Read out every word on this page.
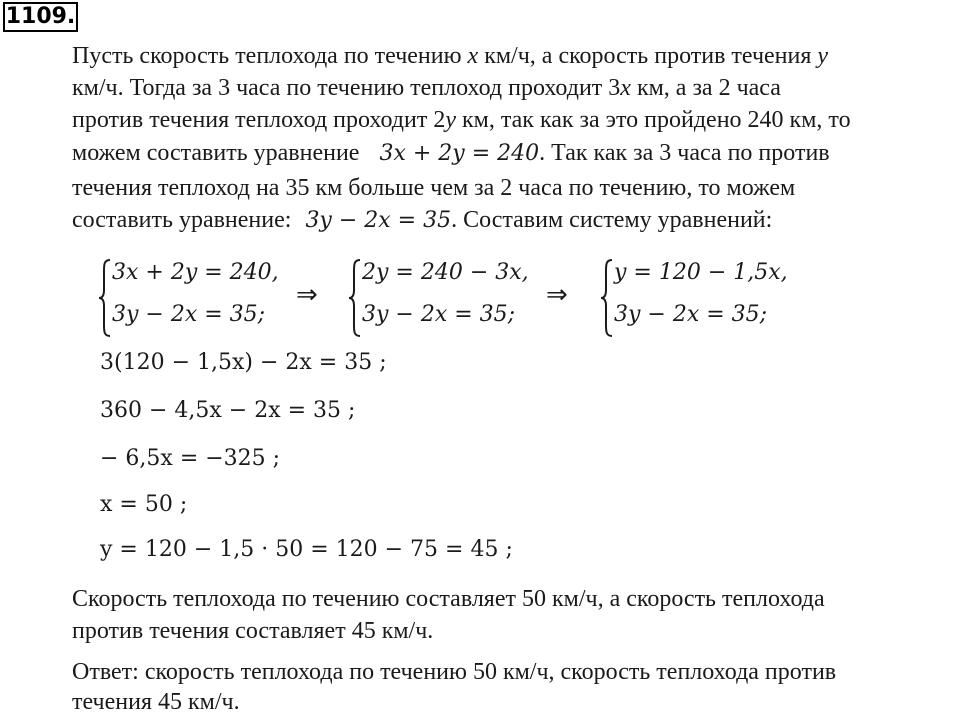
1109.
Пусть скорость теплохода по течению x км/ч, а скорость против течения y
км/ч. Тогда за 3 часа по течению теплоход проходит 3x км, а за 2 часа
против течения теплоход проходит 2y км, так как за это пройдено 240 км, то
можем составить уравнение 3x + 2y = 240. Так как за 3 часа по против
течения теплоход на 35 км больше чем за 2 часа по течению, то можем
составить уравнение: 3y − 2x = 35. Составим систему уравнений:
3x + 2y = 240,
3y − 2x = 35;
⇒
2y = 240 − 3x,
3y − 2x = 35;
⇒
y = 120 − 1,5x,
3y − 2x = 35;
3(120 − 1,5x) − 2x = 35 ;
360 − 4,5x − 2x = 35 ;
− 6,5x = −325 ;
x = 50 ;
y = 120 − 1,5 · 50 = 120 − 75 = 45 ;
Скорость теплохода по течению составляет 50 км/ч, а скорость теплохода
против течения составляет 45 км/ч.
Ответ: скорость теплохода по течению 50 км/ч, скорость теплохода против
течения 45 км/ч.
